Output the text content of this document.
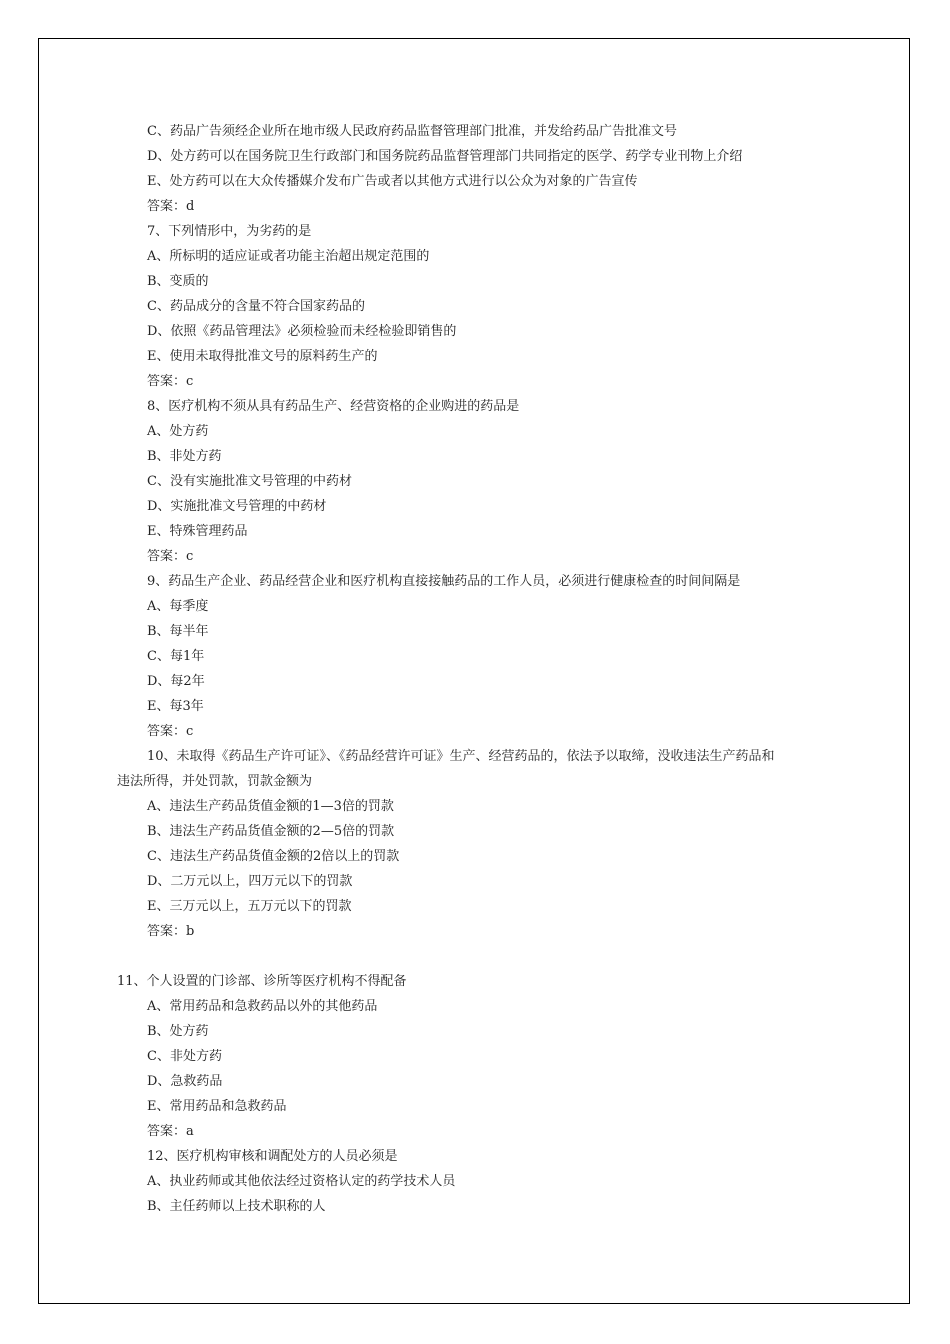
C、药品广告须经企业所在地市级人民政府药品监督管理部门批准，并发给药品广告批准文号
D、处方药可以在国务院卫生行政部门和国务院药品监督管理部门共同指定的医学、药学专业刊物上介绍
E、处方药可以在大众传播媒介发布广告或者以其他方式进行以公众为对象的广告宣传
答案：d
7、下列情形中，为劣药的是
A、所标明的适应证或者功能主治超出规定范围的
B、变质的
C、药品成分的含量不符合国家药品的
D、依照《药品管理法》必须检验而未经检验即销售的
E、使用未取得批准文号的原料药生产的
答案：c
8、医疗机构不须从具有药品生产、经营资格的企业购进的药品是
A、处方药
B、非处方药
C、没有实施批准文号管理的中药材
D、实施批准文号管理的中药材
E、特殊管理药品
答案：c
9、药品生产企业、药品经营企业和医疗机构直接接触药品的工作人员，必须进行健康检查的时间间隔是
A、每季度
B、每半年
C、每1年
D、每2年
E、每3年
答案：c
10、未取得《药品生产许可证》、《药品经营许可证》生产、经营药品的，依法予以取缔，没收违法生产药品和
违法所得，并处罚款，罚款金额为
A、违法生产药品货值金额的1—3倍的罚款
B、违法生产药品货值金额的2—5倍的罚款
C、违法生产药品货值金额的2倍以上的罚款
D、二万元以上，四万元以下的罚款
E、三万元以上，五万元以下的罚款
答案：b
11、个人设置的门诊部、诊所等医疗机构不得配备
A、常用药品和急救药品以外的其他药品
B、处方药
C、非处方药
D、急救药品
E、常用药品和急救药品
答案：a
12、医疗机构审核和调配处方的人员必须是
A、执业药师或其他依法经过资格认定的药学技术人员
B、主任药师以上技术职称的人
